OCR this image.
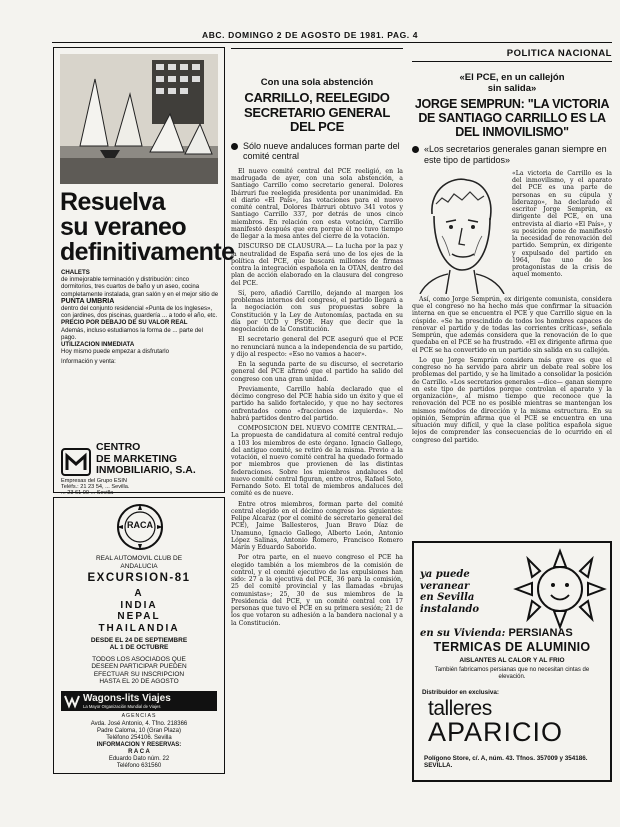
ABC. DOMINGO 2 DE AGOSTO DE 1981. PAG. 4
Resuelva
su veraneo
definitivamente
CHALETS
de inmejorable terminación y distribución: cinco dormitorios, tres cuartos de baño y un aseo, cocina completamente instalada, gran salón y en el mejor sitio de
PUNTA UMBRIA
dentro del conjunto residencial «Punta de los Ingleses», con jardines, dos piscinas, guardería ... a todo el año, etc.
PRECIO POR DEBAJO DE SU VALOR REAL
Además, incluso estudiamos la forma de ... parte del pago.
UTILIZACION INMEDIATA
Hoy mismo puede empezar a disfrutarlo
Información y venta:
CENTRO
DE MARKETING
INMOBILIARIO, S.A.
Empresas del Grupo ESIN
Teléfs.: 21 23 54, ... Sevilla.
... 23 61 00 ... Sevilla
RACA
REAL AUTOMOVIL CLUB DE
ANDALUCIA
EXCURSION-81
A
INDIA
NEPAL
THAILANDIA
DESDE EL 24 DE SEPTIEMBRE
AL 1 DE OCTUBRE
TODOS LOS ASOCIADOS QUE
DESEEN PARTICIPAR PUEDEN
EFECTUAR SU INSCRIPCION
HASTA EL 20 DE AGOSTO
Wagons-lits Viajes
La Mayor Organización Mundial de Viajes
AGENCIAS
Avda. José Antonio, 4. Tfno. 218366
Padre Caloma, 10 (Gran Plaza)
Teléfono 254106. Sevilla
INFORMACION Y RESERVAS:
R A C A
Eduardo Dato núm. 22
Teléfono 631560
Con una sola abstención
CARRILLO, REELEGIDO SECRETARIO GENERAL DEL PCE
Sólo nueve andaluces forman parte del comité central

El nuevo comité central del PCE reeligió, en la madrugada de ayer, con una sola abstención, a Santiago Carrillo como secretario general. Dolores Ibárruri fue reelegida presidenta por unanimidad. En el diario «El País», las votaciones para el nuevo comité central, Dolores Ibárruri obtuvo 341 votos y Santiago Carrillo 337, por detrás de unos cinco miembros. En relación con esta votación, Carrillo manifestó después que era porque él no tuvo tiempo de llegar a la mesa antes del cierre de la votación.

DISCURSO DE CLAUSURA.— La lucha por la paz y la neutralidad de España será uno de los ejes de la política del PCE, que buscará millones de firmas contra la integración española en la OTAN, dentro del plan de acción elaborado en la clausura del congreso del PCE.

Sí, pero, añadió Carrillo, dejando al margen los problemas internos del congreso, el partido llegará a la negociación con sus propuestas sobre la Constitución y la Ley de Autonomías, pactada en su día por UCD y PSOE. Hay que decir que la negociación de la Constitución.

El secretario general del PCE aseguró que el PCE no renunciará nunca a la independencia de su partido, y dijo al respecto: «Eso no vamos a hacer».

En la segunda parte de su discurso, el secretario general del PCE afirmó que el partido ha salido del congreso con una gran unidad.

Previamente, Carrillo había declarado que el décimo congreso del PCE había sido un éxito y que el partido ha salido fortalecido, y que no hay sectores enfrentados como «fracciones de izquierda». No habrá partidos dentro del partido.

COMPOSICION DEL NUEVO COMITE CENTRAL.— La propuesta de candidatura al comité central redujo a 103 los miembros de este órgano. Ignacio Gallego, del antiguo comité, se retiró de la misma. Previo a la votación, el nuevo comité central ha quedado formado por miembros que provienen de las distintas federaciones. Sobre los miembros andaluces del nuevo comité central figuran, entre otros, Rafael Soto, Fernando Soto. El total de miembros andaluces del comité es de nueve.

Entre otros miembros, forman parte del comité central elegido en el décimo congreso los siguientes: Felipe Alcaraz (por el comité de secretario general del PCE), Jaime Ballesteros, Juan Bravo Díaz de Unamuno, Ignacio Gallego, Alberto León, Antonio López Salinas, Antonio Romero, Francisco Romero Marín y Eduardo Saborido.

Por otra parte, en el nuevo congreso el PCE ha elegido también a los miembros de la comisión de control, y el comité ejecutivo de las expulsiones han sido: 27 a la ejecutiva del PCE, 36 para la comisión, 25 del comité provincial y las llamadas «brujas comunistas»; 25, 30 de sus miembros de la Presidencia del PCE, y un comité central con 17 personas que tuvo el PCE en su primera sesión; 21 de los que votaron su adhesión a la bandera nacional y a la Constitución.

POLITICA NACIONAL
«El PCE, en un callejón
sin salida»
JORGE SEMPRUN: "LA VICTORIA DE SANTIAGO CARRILLO ES LA DEL INMOVILISMO"
«Los secretarios generales ganan siempre en este tipo de partidos»
«La victoria de Carrillo es la del inmovilismo, y el aparato del PCE es una parte de personas en su cúpula y liderazgo», ha declarado el escritor Jorge Semprún, ex dirigente del PCE, en una entrevista al diario «El País», y su posición pone de manifiesto la necesidad de renovación del partido. Semprún, ex dirigente y expulsado del partido en 1964, fue uno de los protagonistas de la crisis de aquel momento.

Así, como Jorge Semprún, ex dirigente comunista, considera que el congreso no ha hecho más que confirmar la situación interna en que se encuentra el PCE y que Carrillo sigue en la cúspide. «Se ha prescindido de todos los hombres capaces de renovar el partido y de todas las corrientes críticas», señala Semprún, que además considera que la renovación de lo que quedaba en el PCE se ha frustrado. «El ex dirigente afirma que el PCE se ha convertido en un partido sin salida en su callejón.

Lo que Jorge Semprún considera más grave es que el congreso no ha servido para abrir un debate real sobre los problemas del partido, y se ha limitado a consolidar la posición de Carrillo. «Los secretarios generales —dice— ganan siempre en este tipo de partidos porque controlan el aparato y la organización», al mismo tiempo que reconoce que la renovación del PCE no es posible mientras se mantengan los mismos métodos de dirección y la misma estructura. En su opinión, Semprún afirma que el PCE se encuentra en una situación muy difícil, y que la clase política española sigue lejos de comprender las consecuencias de lo ocurrido en el congreso del partido.

ya puede
veranear
en Sevilla
instalando
en su Vivienda: PERSIANAS
TERMICAS DE ALUMINIO
AISLANTES AL CALOR Y AL FRIO
También fabricamos persianas que no necesitan cintas de elevación.
Distribuidor en exclusiva:
talleres
APARICIO
Polígono Store, c/. A, núm. 43. Tfnos. 357009 y 354186. SEVILLA.
